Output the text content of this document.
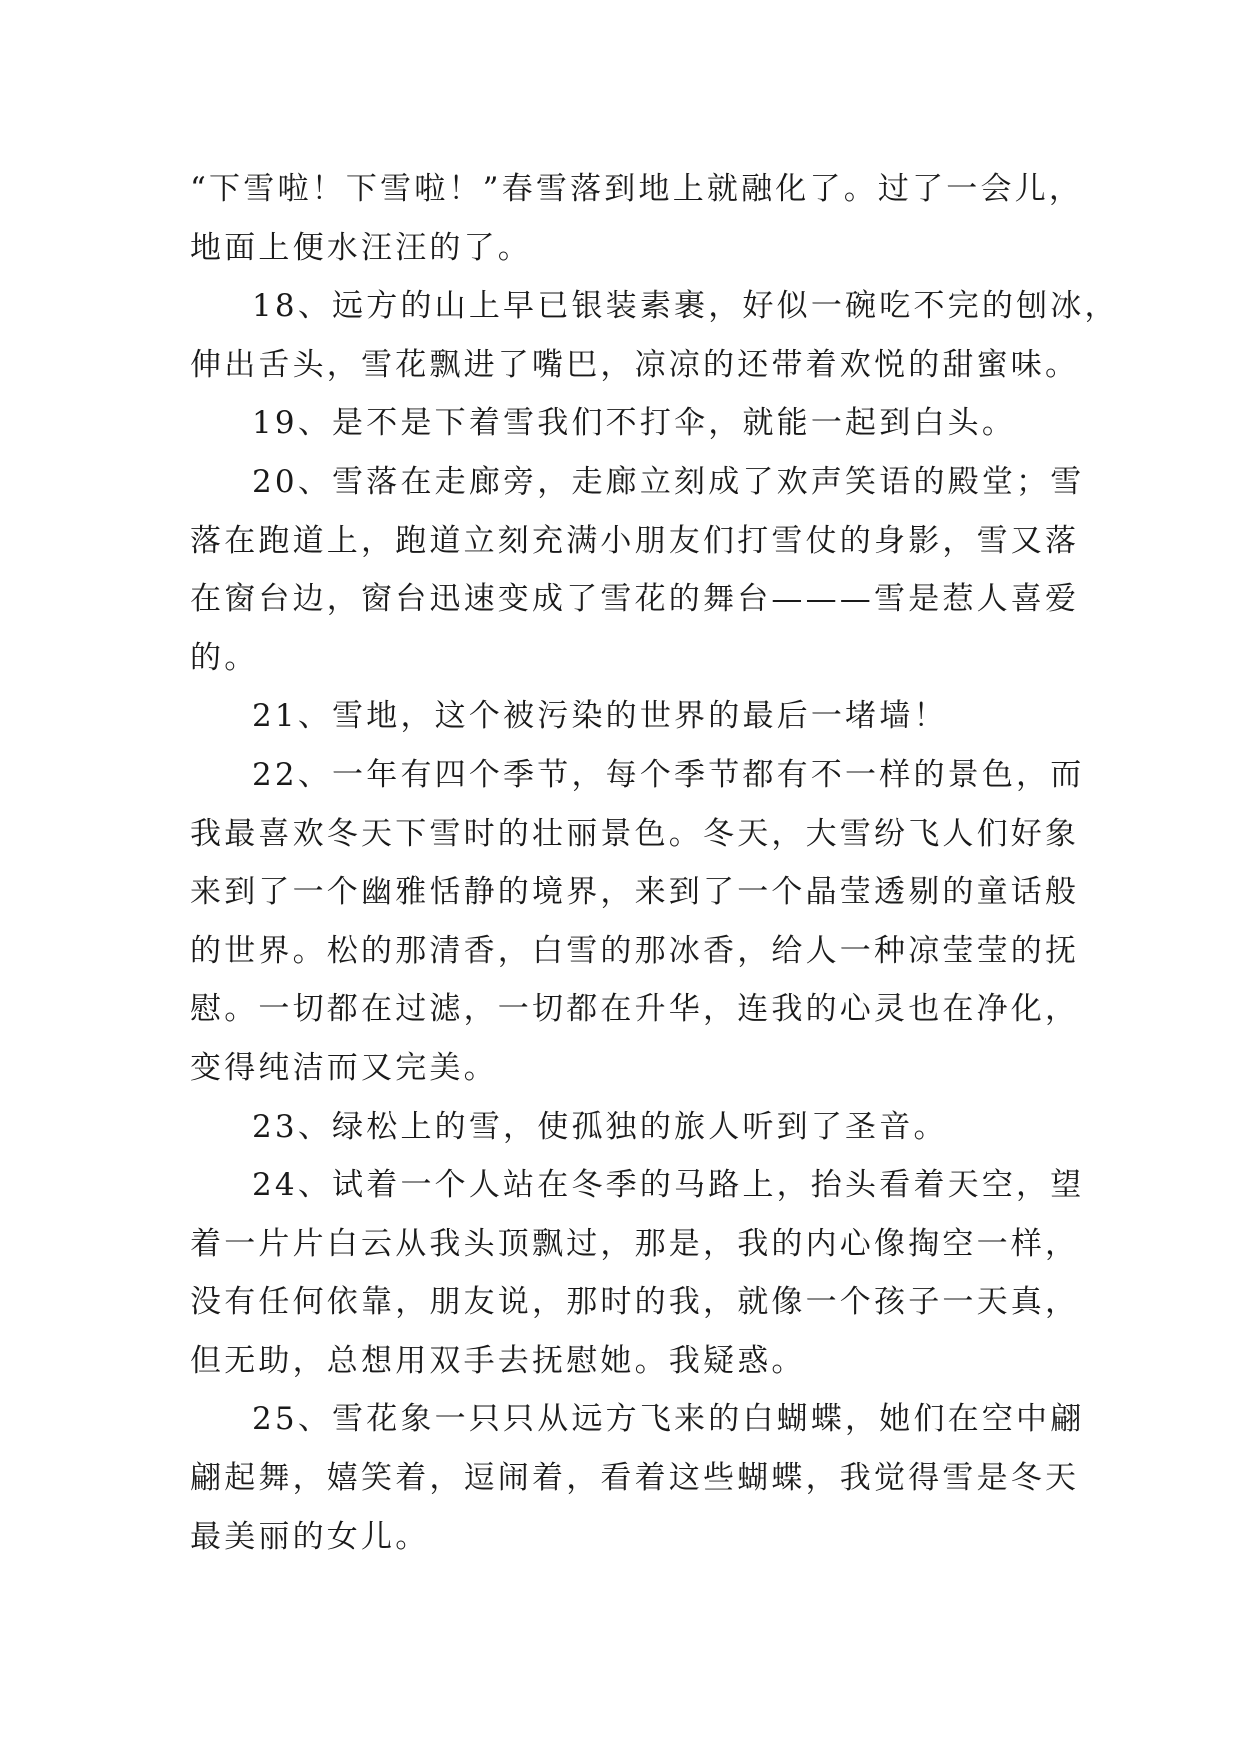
“下雪啦！下雪啦！”春雪落到地上就融化了。过了一会儿，
地面上便水汪汪的了。

18、远方的山上早已银装素裹，好似一碗吃不完的刨冰，
伸出舌头，雪花飘进了嘴巴，凉凉的还带着欢悦的甜蜜味。

19、是不是下着雪我们不打伞，就能一起到白头。

20、雪落在走廊旁，走廊立刻成了欢声笑语的殿堂；雪
落在跑道上，跑道立刻充满小朋友们打雪仗的身影，雪又落
在窗台边，窗台迅速变成了雪花的舞台———雪是惹人喜爱
的。

21、雪地，这个被污染的世界的最后一堵墙！

22、一年有四个季节，每个季节都有不一样的景色，而
我最喜欢冬天下雪时的壮丽景色。冬天，大雪纷飞人们好象
来到了一个幽雅恬静的境界，来到了一个晶莹透剔的童话般
的世界。松的那清香，白雪的那冰香，给人一种凉莹莹的抚
慰。一切都在过滤，一切都在升华，连我的心灵也在净化，
变得纯洁而又完美。

23、绿松上的雪，使孤独的旅人听到了圣音。

24、试着一个人站在冬季的马路上，抬头看着天空，望
着一片片白云从我头顶飘过，那是，我的内心像掏空一样，
没有任何依靠，朋友说，那时的我，就像一个孩子一天真，
但无助，总想用双手去抚慰她。我疑惑。

25、雪花象一只只从远方飞来的白蝴蝶，她们在空中翩
翩起舞，嬉笑着，逗闹着，看着这些蝴蝶，我觉得雪是冬天
最美丽的女儿。
